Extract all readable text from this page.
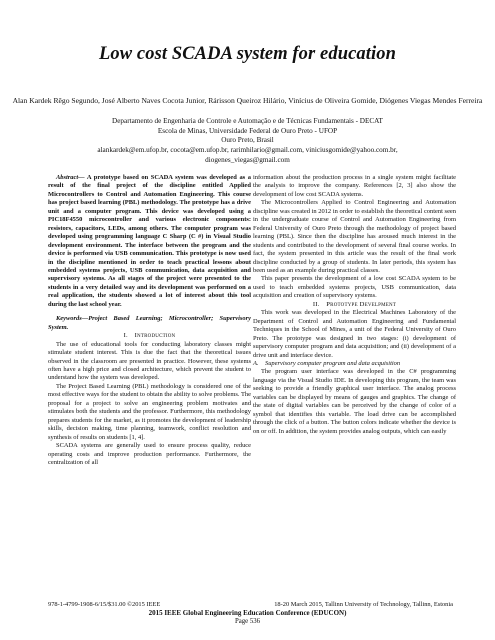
Low cost SCADA system for education
Alan Kardek Rêgo Segundo, José Alberto Naves Cocota Junior, Rárisson Queiroz Hilário, Vinícius de Oliveira Gomide, Diógenes Viegas Mendes Ferreira
Departamento de Engenharia de Controle e Automação e de Técnicas Fundamentais - DECAT
Escola de Minas, Universidade Federal de Ouro Preto - UFOP
Ouro Preto, Brasil
alankardek@em.ufop.br, cocota@em.ufop.br, rarimhilario@gmail.com, viniciusgomide@yahoo.com.br,
diogenes_viegas@gmail.com

Abstract— A prototype based on SCADA system was developed as a result of the final project of the discipline entitled Applied Microcontrollers to Control and Automation Engineering. This course has project based learning (PBL) methodology. The prototype has a drive unit and a computer program. This device was developed using a PIC18F4550 microcontroller and various electronic components: resistors, capacitors, LEDs, among others. The computer program was developed using programming language C Sharp (C #) in Visual Studio development environment. The interface between the program and the device is performed via USB communication. This prototype is now used in the discipline mentioned in order to teach practical lessons about embedded systems projects, USB communication, data acquisition and supervisory systems. As all stages of the project were presented to the students in a very detailed way and its development was performed on a real application, the students showed a lot of interest about this tool during the last school year.

Keywords—Project Based Learning; Microcontroller; Supervisory System.

I. Introduction

The use of educational tools for conducting laboratory classes might stimulate student interest. This is due the fact that the theoretical issues observed in the classroom are presented in practice. However, these systems often have a high price and closed architecture, which prevent the student to understand how the system was developed.

The Project Based Learning (PBL) methodology is considered one of the most effective ways for the student to obtain the ability to solve problems. The proposal for a project to solve an engineering problem motivates and stimulates both the students and the professor. Furthermore, this methodology prepares students for the market, as it promotes the development of leadership skills, decision making, time planning, teamwork, conflict resolution and synthesis of results on students [1, 4].

SCADA systems are generally used to ensure process quality, reduce operating costs and improve production performance. Furthermore, the centralization of all

information about the production process in a single system might facilitate the analysis to improve the company. References [2, 3] also show the development of low cost SCADA systems.

The Microcontrollers Applied to Control Engineering and Automation discipline was created in 2012 in order to establish the theoretical content seen in the undergraduate course of Control and Automation Engineering from Federal University of Ouro Preto through the methodology of project based learning (PBL). Since then the discipline has aroused much interest in the students and contributed to the development of several final course works. In fact, the system presented in this article was the result of the final work discipline conducted by a group of students. In later periods, this system has been used as an example during practical classes.

This paper presents the development of a low cost SCADA system to be used to teach embedded systems projects, USB communication, data acquisition and creation of supervisory systems.

II. Prototype Develpment

This work was developed in the Electrical Machines Laboratory of the Department of Control and Automation Engineering and Fundamental Techniques in the School of Mines, a unit of the Federal University of Ouro Preto. The prototype was designed in two stages: (i) development of supervisory computer program and data acquisition; and (ii) development of a drive unit and interface device.

A. Supervisory computer program and data acquisition

The program user interface was developed in the C# programming language via the Visual Studio IDE. In developing this program, the team was seeking to provide a friendly graphical user interface. The analog process variables can be displayed by means of gauges and graphics. The change of the state of digital variables can be perceived by the change of color of a symbol that identifies this variable. The load drive can be accomplished through the click of a button. The button colors indicate whether the device is on or off. In addition, the system provides analog outputs, which can easily

978-1-4799-1908-6/15/$31.00 ©2015 IEEE	18-20 March 2015, Tallinn University of Technology, Tallinn, Estonia
2015 IEEE Global Engineering Education Conference (EDUCON)
Page 536
